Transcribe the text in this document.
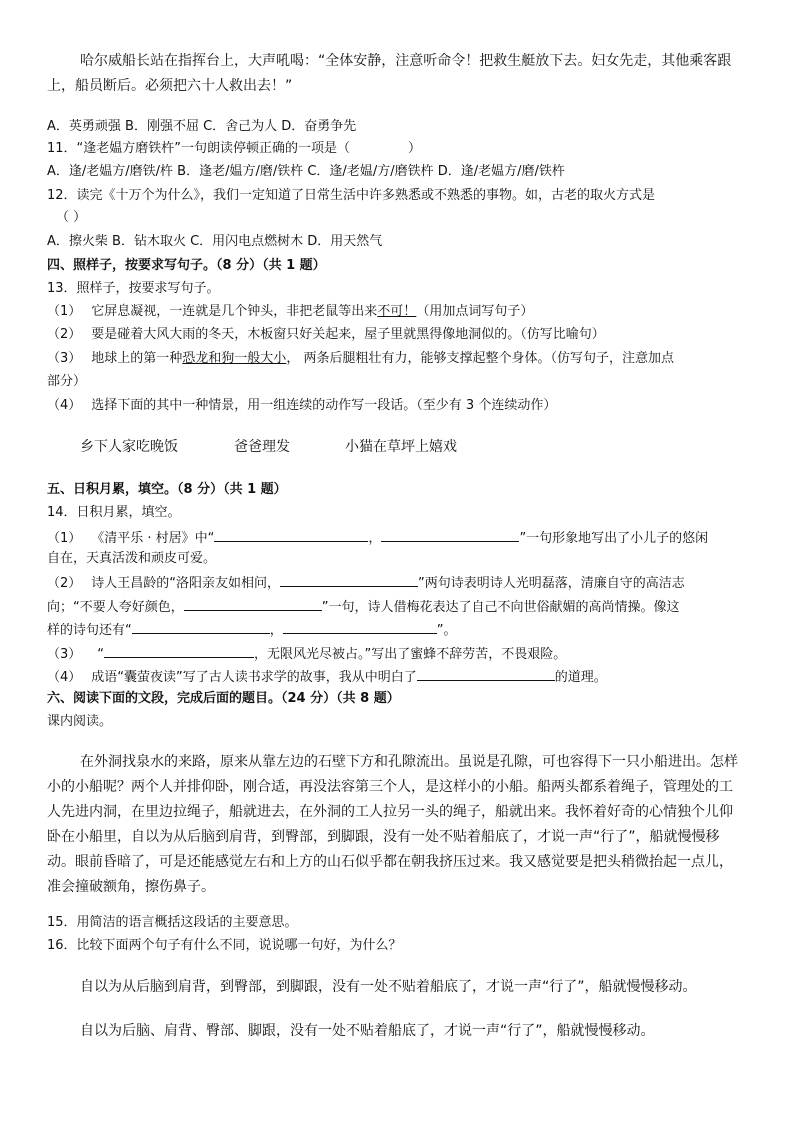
哈尔威船长站在指挥台上，大声吼喝：“全体安静，注意听命令！把救生艇放下去。妇女先走，其他乘客跟
上，船员断后。必须把六十人救出去！”
A．英勇顽强 B．刚强不屈 C．舍己为人 D．奋勇争先
11．“逢老媪方磨铁杵”一句朗读停顿正确的一项是（	）
A．逢/老媪方/磨铁/杵 B．逢老/媪方/磨/铁杵 C．逢/老媪/方/磨铁杵 D．逢/老媪方/磨/铁杵
12．读完《十万个为什么》，我们一定知道了日常生活中许多熟悉或不熟悉的事物。如，古老的取火方式是
（ ）
A．擦火柴 B．钻木取火 C．用闪电点燃树木 D．用天然气
四、照样子，按要求写句子。（8 分）（共 1 题）
13．照样子，按要求写句子。
（1） 它屏息凝视，一连就是几个钟头，非把老鼠等出来不可！（用加点词写句子）
（2） 要是碰着大风大雨的冬天，木板窗只好关起来，屋子里就黑得像地洞似的。（仿写比喻句）
（3） 地球上的第一种恐龙和狗一般大小， 两条后腿粗壮有力，能够支撑起整个身体。（仿写句子，注意加点
部分）
（4） 选择下面的其中一种情景，用一组连续的动作写一段话。（至少有 3 个连续动作）
乡下人家吃晚饭	爸爸理发	小猫在草坪上嬉戏
五、日积月累，填空。（8 分）（共 1 题）
14．日积月累，填空。
（1） 《清平乐 · 村居》中“	，	”一句形象地写出了小儿子的悠闲
自在，天真活泼和顽皮可爱。
（2） 诗人王昌龄的“洛阳亲友如相问，	”两句诗表明诗人光明磊落，清廉自守的高洁志
向；“不要人夸好颜色，	”一句，诗人借梅花表达了自己不向世俗献媚的高尚情操。像这
样的诗句还有“	，	”。
（3） “	，无限风光尽被占。”写出了蜜蜂不辞劳苦，不畏艰险。
（4） 成语“囊萤夜读”写了古人读书求学的故事，我从中明白了	的道理。
六、阅读下面的文段，完成后面的题目。（24 分）（共 8 题）
课内阅读。
在外洞找泉水的来路，原来从靠左边的石壁下方和孔隙流出。虽说是孔隙，可也容得下一只小船进出。怎样
小的小船呢？两个人并排仰卧，刚合适，再没法容第三个人，是这样小的小船。船两头都系着绳子，管理处的工
人先进内洞，在里边拉绳子，船就进去，在外洞的工人拉另一头的绳子，船就出来。我怀着好奇的心情独个儿仰
卧在小船里，自以为从后脑到肩背，到臀部，到脚跟，没有一处不贴着船底了，才说一声“行了”，船就慢慢移
动。眼前昏暗了，可是还能感觉左右和上方的山石似乎都在朝我挤压过来。我又感觉要是把头稍微抬起一点儿，
准会撞破额角，擦伤鼻子。
15．用简洁的语言概括这段话的主要意思。
16．比较下面两个句子有什么不同，说说哪一句好，为什么？
自以为从后脑到肩背，到臀部，到脚跟，没有一处不贴着船底了，才说一声“行了”，船就慢慢移动。
自以为后脑、肩背、臀部、脚跟，没有一处不贴着船底了，才说一声“行了”，船就慢慢移动。
